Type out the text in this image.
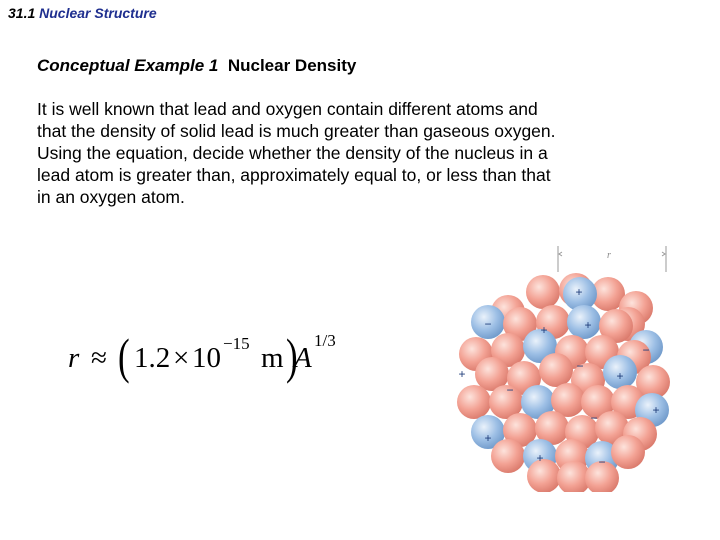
31.1 Nuclear Structure
Conceptual Example 1 Nuclear Density
It is well known that lead and oxygen contain different atoms and
that the density of solid lead is much greater than gaseous oxygen.
Using the equation, decide whether the density of the nucleus in a
lead atom is greater than, approximately equal to, or less than that
in an oxygen atom.
r ≈ ( 1.2 × 10 −15 m )
A
1/3
r
+
−	+	+
−
−
+	+
−
−
+
+
+	−
